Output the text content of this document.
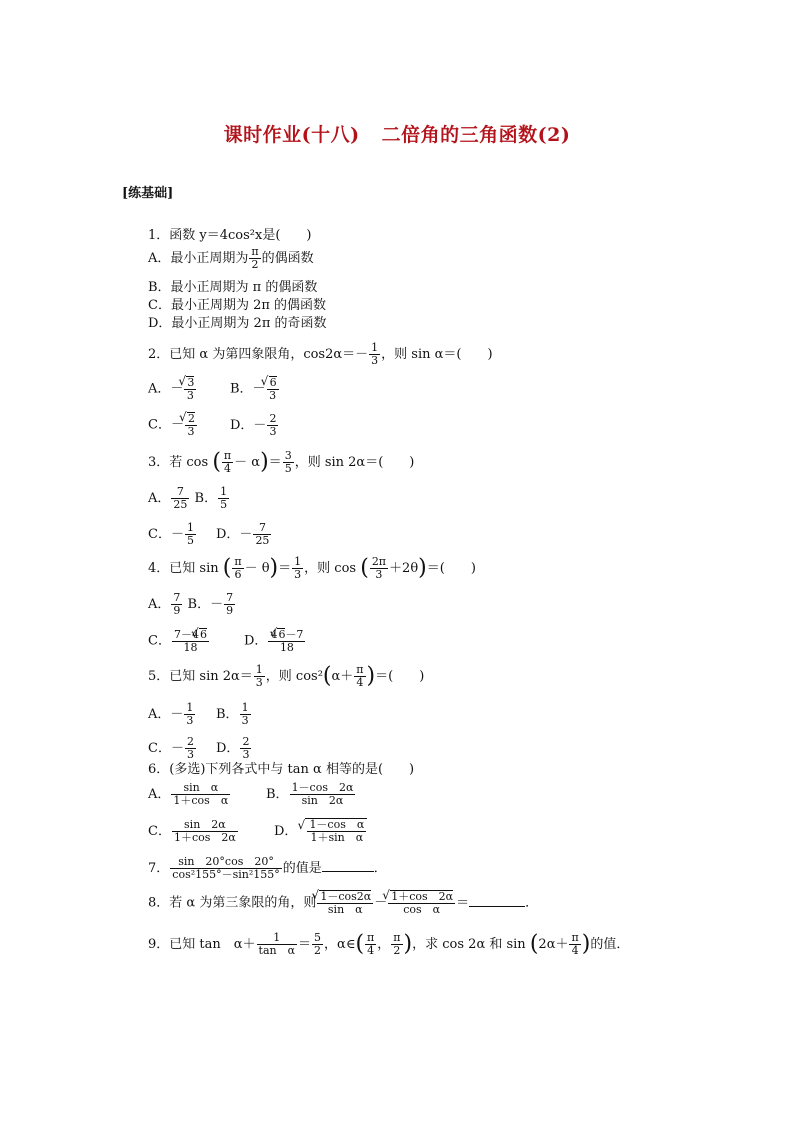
课时作业(十八) 二倍角的三角函数(2)
[练基础]
1．函数 y＝4cos²x是(　　)
A．最小正周期为 $\frac{\pi}{2}$ 的偶函数
B．最小正周期为 π 的偶函数
C．最小正周期为 2π 的偶函数
D．最小正周期为 2π 的奇函数
2．已知 α 为第四象限角，$\cos 2\alpha=- \frac{1}{3}$ ，则 sin α＝(　　)
A．－ √ $\frac{3}{3}$	B．－ √ $\frac{6}{3}$
C．－ √ $\frac{2}{3}$	D．－ $\frac{2}{3}$
3．若 cos ( $\frac{\pi}{4} - \alpha)= \frac{3}{5}$ ，则 sin 2α＝(　　)
A． $\frac{7}{25}$ B． $\frac{1}{5}$
C．－ $\frac{1}{5}$ D．－ $\frac{7}{25}$
4．已知 sin ( $\frac{\pi}{6} - \theta)= \frac{1}{3}$ ，则 cos ( $\frac{2\pi}{3} +2\theta)=$(　　)
A． $\frac{7}{9}$ B．－ $\frac{7}{9}$
C． $\frac{7-4√ 6}{18}$	D． $\frac{4√ 6-7}{18}$
5．已知 $\sin 2\alpha= \frac{1}{3}$ ，则 $\cos^2(\alpha+ \frac{\pi}{4}$ )＝(　　)
A．－ $\frac{1}{3}$ B． $\frac{1}{3}$
C．－ $\frac{2}{3}$ D． $\frac{2}{3}$
6．(多选)下列各式中与 tan α 相等的是(　　)
A． $\frac{\text{sin　α}}{\text{1＋cos　α}}$	B． $\frac{1-\cos 2\alpha}{\sin 2\alpha}$
C． $\frac{\sin 2\alpha}{1+\cos 2\alpha}$	D． √ $\frac{\text{1－cos　α}}{\text{1＋sin　α}}$
7． $\frac{\sin 20^\circ\cos 20^\circ}{\text{cos²155°－sin²155°}}$ 的值是	．
8．若 α 为第三象限的角，则 √ $\frac{1-\cos 2\alpha}{\text{sin　α}}$ － √ $\frac{1+\cos 2\alpha}{\text{cos　α}}$ ＝	．
9．已知 tan　$\alpha+ \frac{1}{\text{tan　α}} = \frac{5}{2}$ ，α∈( $\frac{\pi}{4}$ ， $\frac{\pi}{2}$ )，求 cos 2α 和 $\sin (2\alpha+ \frac{\pi}{4}$ )的值．
